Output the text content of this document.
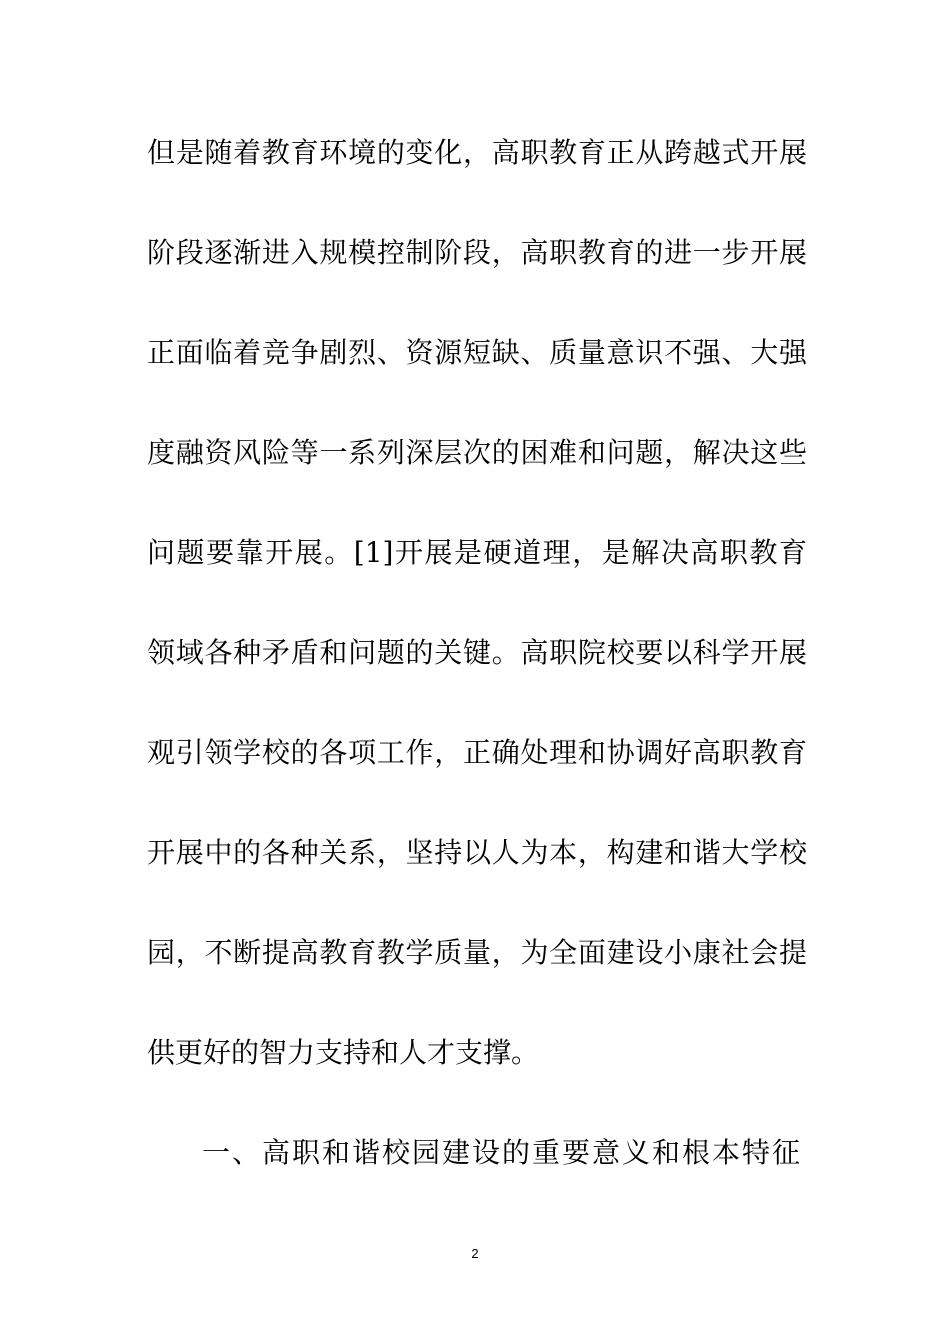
但是随着教育环境的变化，高职教育正从跨越式开展
阶段逐渐进入规模控制阶段，高职教育的进一步开展
正面临着竞争剧烈、资源短缺、质量意识不强、大强
度融资风险等一系列深层次的困难和问题，解决这些
问题要靠开展。[1]开展是硬道理，是解决高职教育
领域各种矛盾和问题的关键。高职院校要以科学开展
观引领学校的各项工作，正确处理和协调好高职教育
开展中的各种关系，坚持以人为本，构建和谐大学校
园，不断提高教育教学质量，为全面建设小康社会提
供更好的智力支持和人才支撑。
一、高职和谐校园建设的重要意义和根本特征
2
